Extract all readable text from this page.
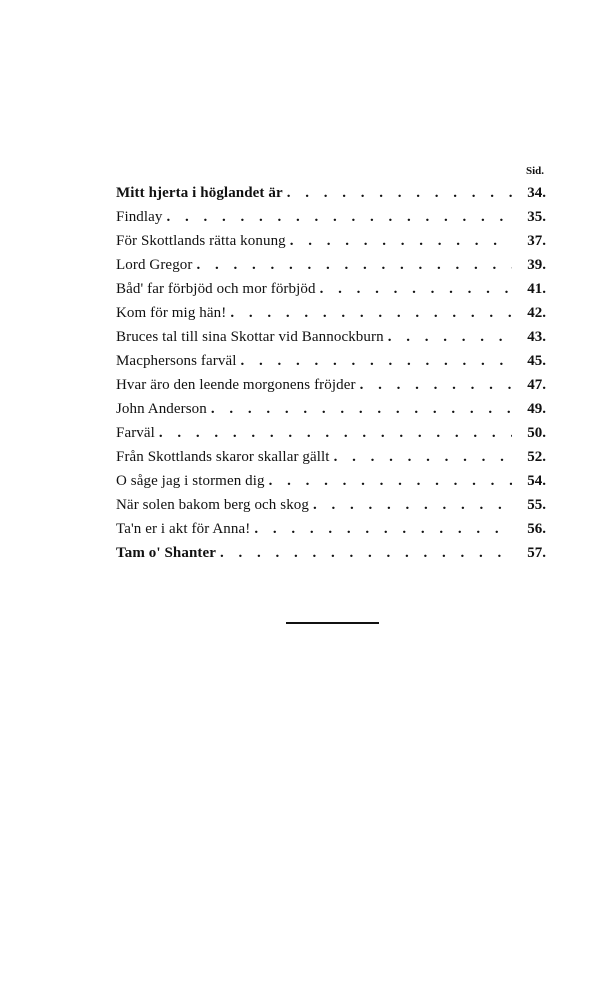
Sid.
Mitt hjerta i höglandet är . . .	34.
Findlay . . .	35.
För Skottlands rätta konung . . .	37.
Lord Gregor . . .	39.
Båd' far förbjöd och mor förbjöd . . .	41.
Kom för mig hän! . . .	42.
Bruces tal till sina Skottar vid Bannockburn . . .	43.
Macphersons farväl . . .	45.
Hvar äro den leende morgonens fröjder . . .	47.
John Anderson . . .	49.
Farväl . . .	50.
Från Skottlands skaror skallar gällt . . .	52.
O såge jag i stormen dig . . .	54.
När solen bakom berg och skog . . .	55.
Ta'n er i akt för Anna! . . .	56.
Tam o' Shanter . . .	57.
